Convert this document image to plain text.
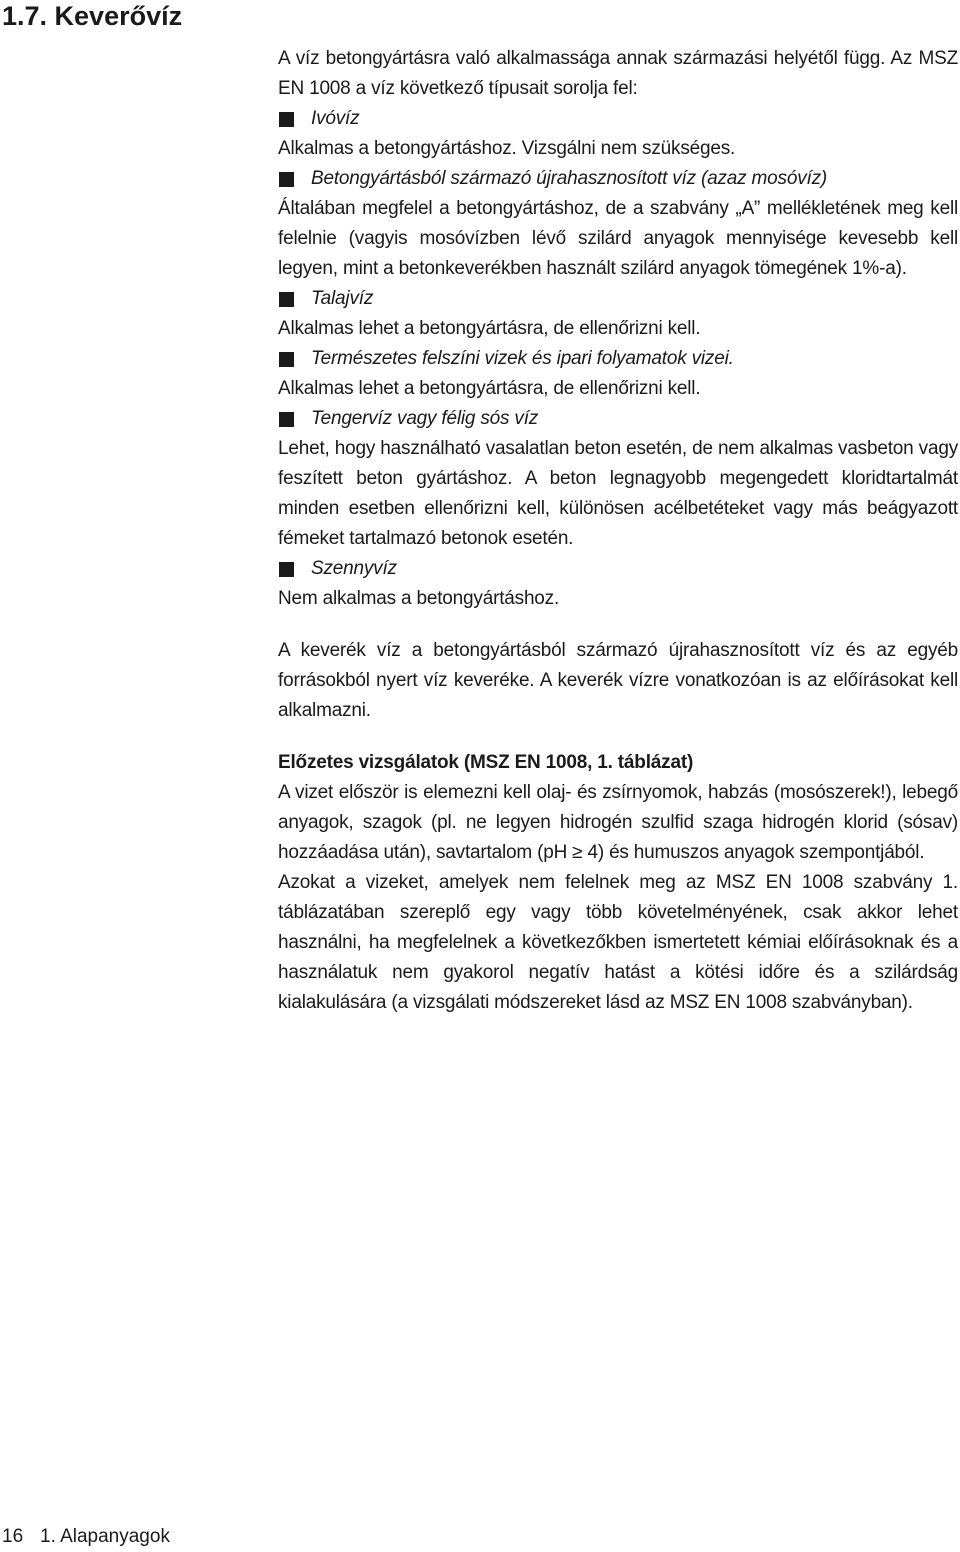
1.7. Keverővíz

A víz betongyártásra való alkalmassága annak származási helyétől függ. Az MSZ EN 1008 a víz következő típusait sorolja fel:

Ivóvíz

Alkalmas a betongyártáshoz. Vizsgálni nem szükséges.

Betongyártásból származó újrahasznosított víz (azaz mosóvíz)

Általában megfelel a betongyártáshoz, de a szabvány „A” mellékletének meg kell felelnie (vagyis mosóvízben lévő szilárd anyagok mennyisége kevesebb kell legyen, mint a betonkeverékben használt szilárd anyagok tömegének 1%-a).

Talajvíz

Alkalmas lehet a betongyártásra, de ellenőrizni kell.

Természetes felszíni vizek és ipari folyamatok vizei.

Alkalmas lehet a betongyártásra, de ellenőrizni kell.

Tengervíz vagy félig sós víz

Lehet, hogy használható vasalatlan beton esetén, de nem alkalmas vasbeton vagy feszített beton gyártáshoz. A beton legnagyobb megengedett kloridtartalmát minden esetben ellenőrizni kell, különösen acélbetéteket vagy más beágyazott fémeket tartalmazó betonok esetén.

Szennyvíz

Nem alkalmas a betongyártáshoz.

A keverék víz a betongyártásból származó újrahasznosított víz és az egyéb forrásokból nyert víz keveréke. A keverék vízre vonatkozóan is az előírásokat kell alkalmazni.

Előzetes vizsgálatok (MSZ EN 1008, 1. táblázat)

A vizet először is elemezni kell olaj- és zsírnyomok, habzás (mosószerek!), lebegő anyagok, szagok (pl. ne legyen hidrogén szulfid szaga hidrogén klorid (sósav) hozzáadása után), savtartalom (pH ≥ 4) és humuszos anyagok szempontjából.

Azokat a vizeket, amelyek nem felelnek meg az MSZ EN 1008 szabvány 1. táblázatában szereplő egy vagy több követelményének, csak akkor lehet használni, ha megfelelnek a következőkben ismertetett kémiai előírásoknak és a használatuk nem gyakorol negatív hatást a kötési időre és a szilárdság kialakulására (a vizsgálati módszereket lásd az MSZ EN 1008 szabványban).

16 1. Alapanyagok
